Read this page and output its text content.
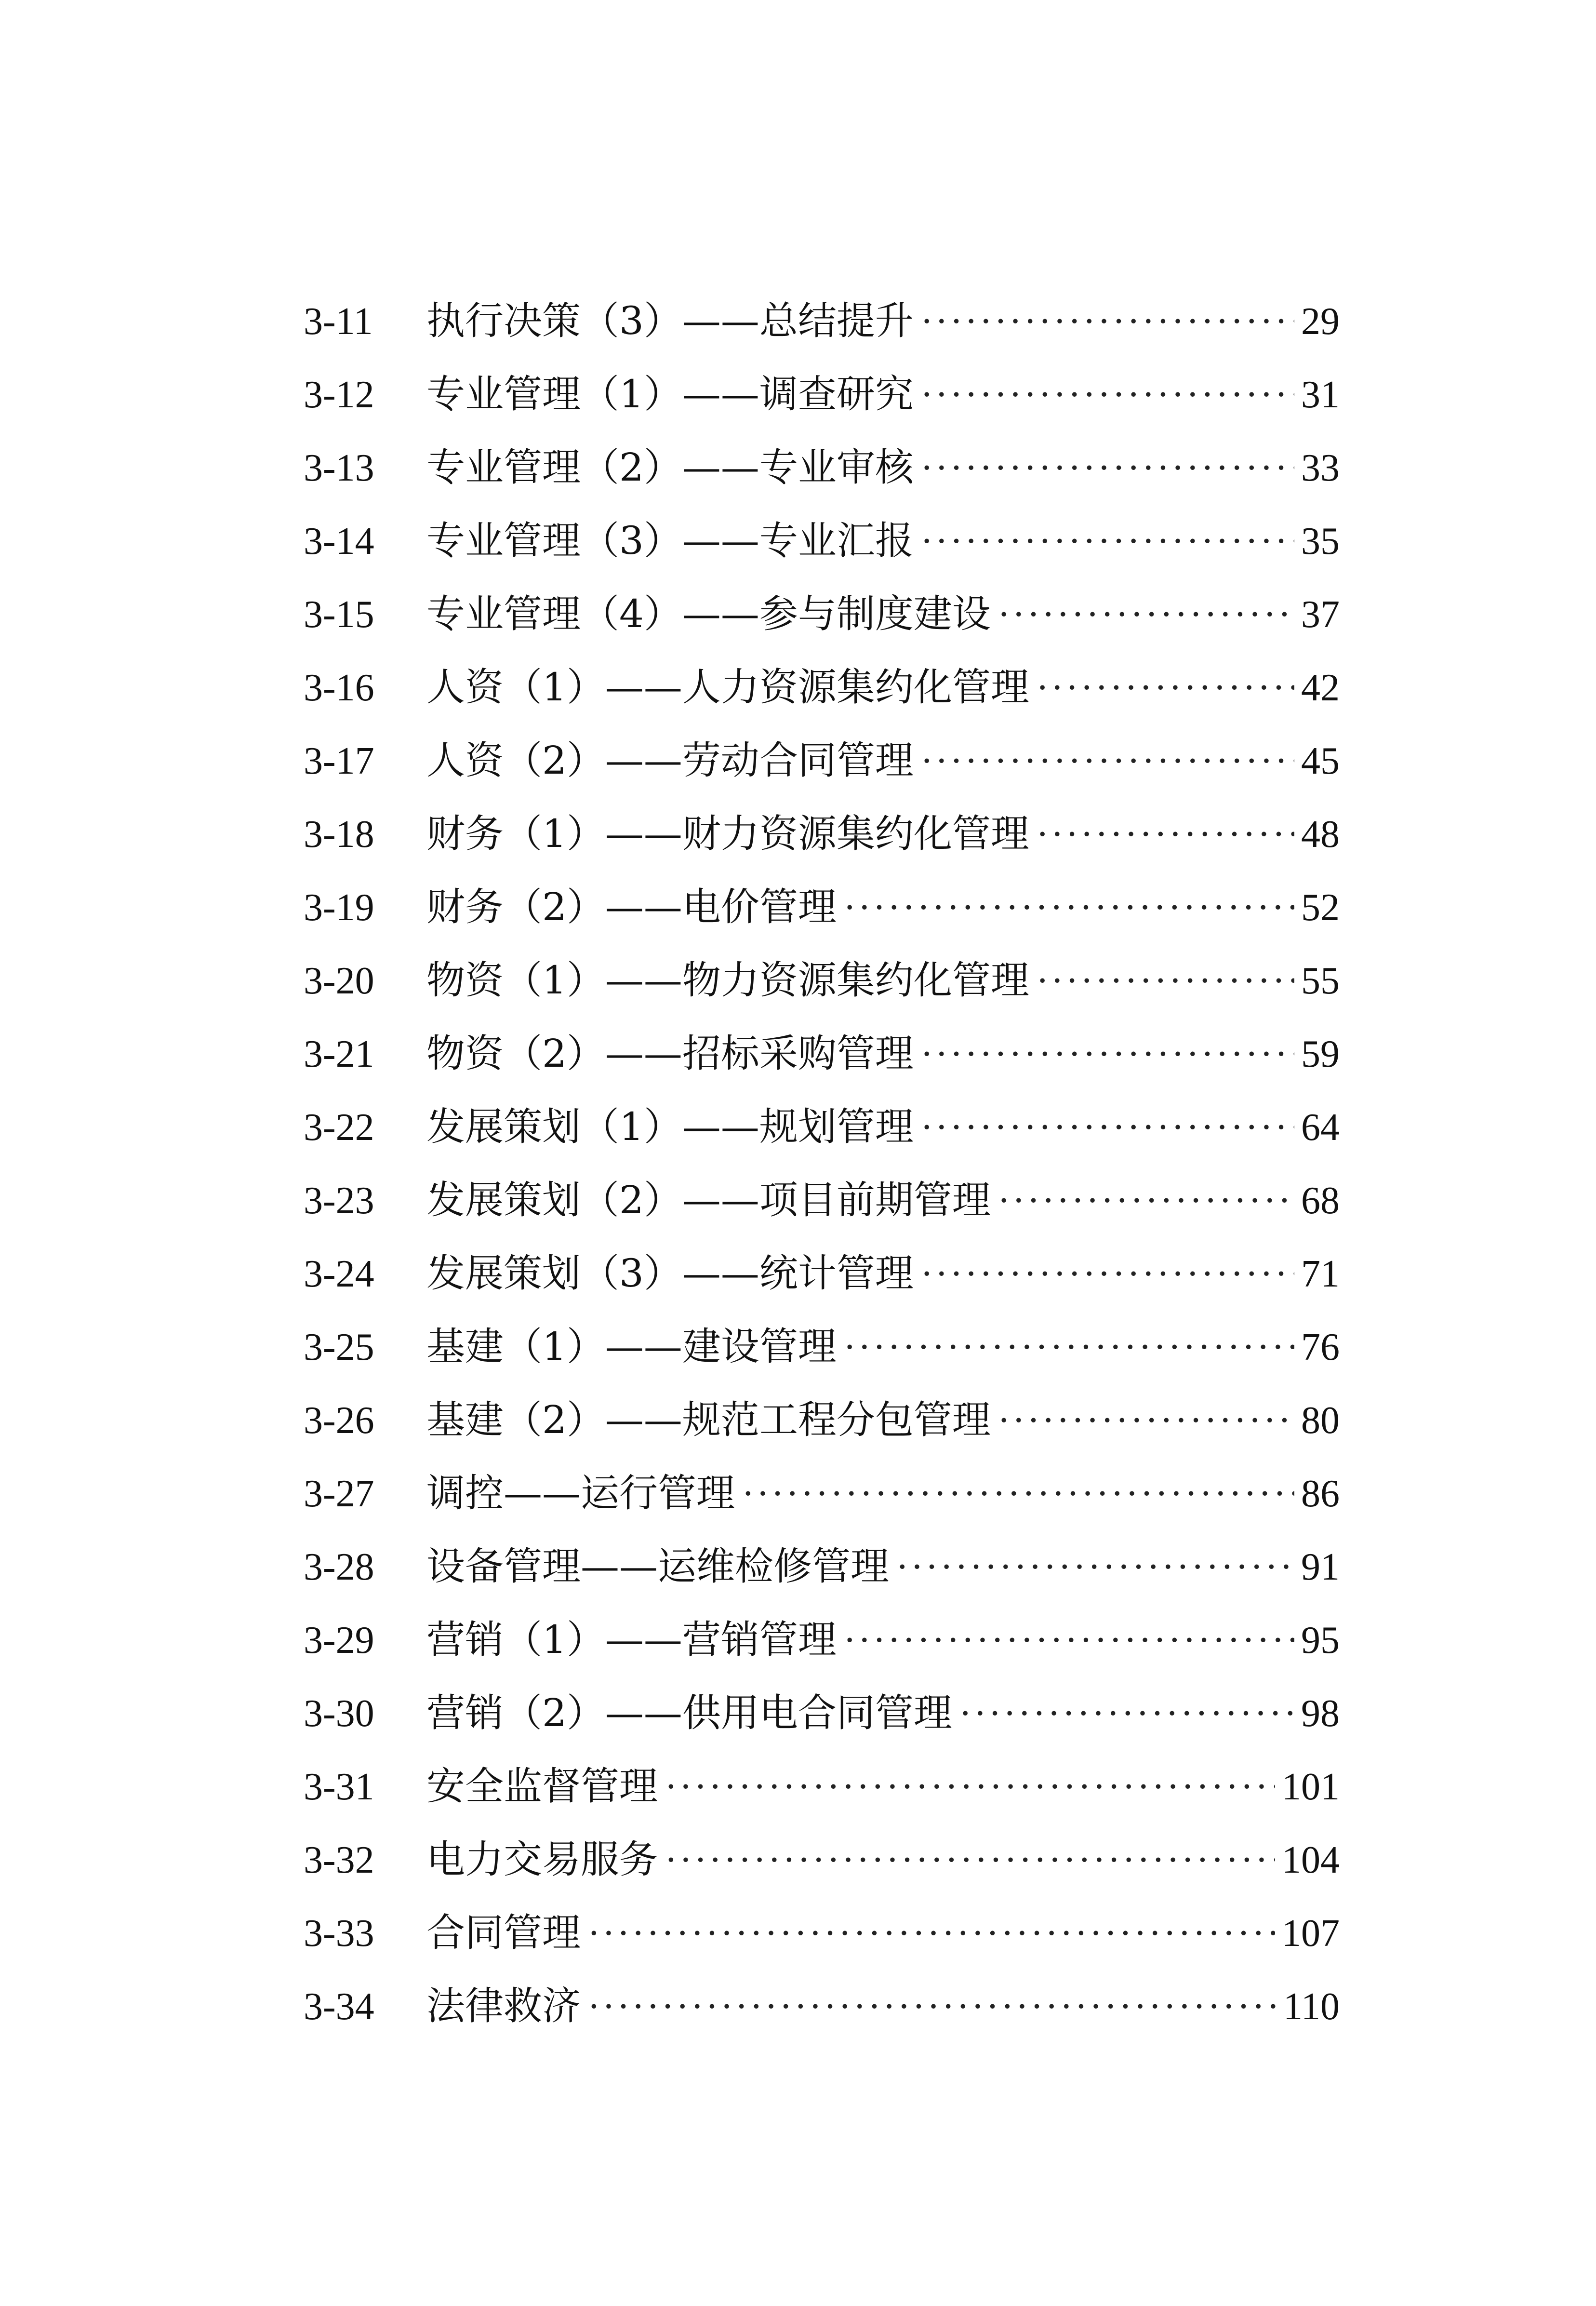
3-11	执行决策（3）——总结提升 ·····	29
3-12	专业管理（1）——调查研究 ·····	31
3-13	专业管理（2）——专业审核 ·····	33
3-14	专业管理（3）——专业汇报 ·····	35
3-15	专业管理（4）——参与制度建设 ·····	37
3-16	人资（1）——人力资源集约化管理 ·····	42
3-17	人资（2）——劳动合同管理 ·····	45
3-18	财务（1）——财力资源集约化管理 ·····	48
3-19	财务（2）——电价管理 ·····	52
3-20	物资（1）——物力资源集约化管理 ·····	55
3-21	物资（2）——招标采购管理 ·····	59
3-22	发展策划（1）——规划管理 ·····	64
3-23	发展策划（2）——项目前期管理 ·····	68
3-24	发展策划（3）——统计管理 ·····	71
3-25	基建（1）——建设管理 ·····	76
3-26	基建（2）——规范工程分包管理 ·····	80
3-27	调控——运行管理 ·····	86
3-28	设备管理——运维检修管理 ·····	91
3-29	营销（1）——营销管理 ·····	95
3-30	营销（2）——供用电合同管理 ·····	98
3-31	安全监督管理 ·····	101
3-32	电力交易服务 ·····	104
3-33	合同管理 ·····	107
3-34	法律救济 ·····	110
